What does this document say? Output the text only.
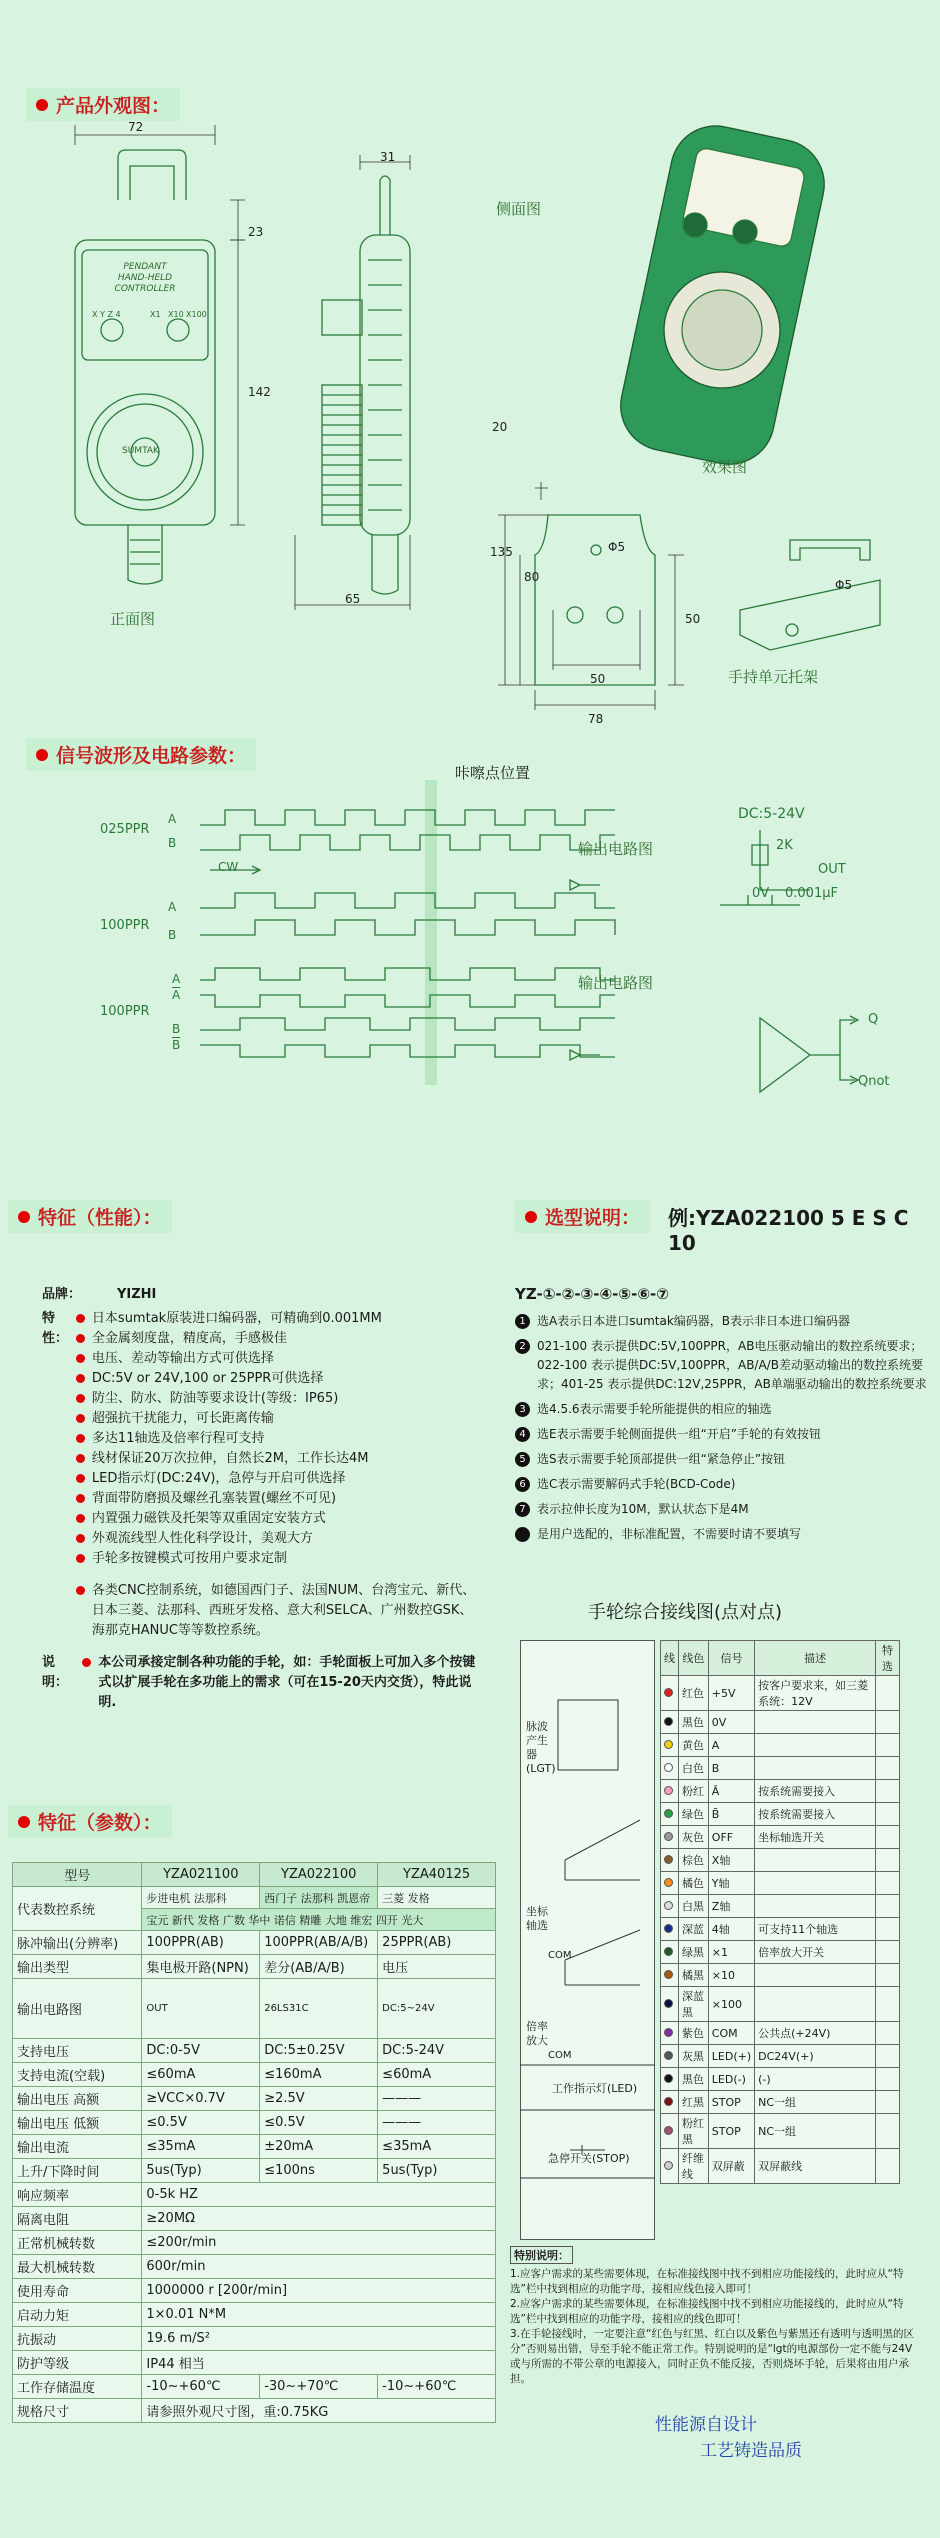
产品外观图：
72
31
23
142
65
20
135
80
Φ5
50
78
50
Φ5
PENDANT
HAND-HELD
CONTROLLER
SUMTAK
X Y Z 4	X1 X10 X100
正面图
侧面图
效果图
手持单元托架
信号波形及电路参数：
咔嚓点位置
025PPR
A
B
CW
100PPR
A
B
100PPR
A
$\overline{A}$
B
$\overline{B}$
输出电路图
输出电路图
DC:5-24V
2K
OUT
0V 0.001μF
Q
Qnot
特征（性能）：	选型说明： 例:YZA022100 5 E S C 10
品牌：	YIZHI
特性：
日本sumtak原装进口编码器，可精确到0.001MM
全金属刻度盘，精度高，手感极佳
电压、差动等输出方式可供选择
DC:5V or 24V,100 or 25PPR可供选择
防尘、防水、防油等要求设计(等级：IP65)
超强抗干扰能力，可长距离传输
多达11轴选及倍率行程可支持
线材保证20万次拉伸，自然长2M，工作长达4M
LED指示灯(DC:24V)，急停与开启可供选择
背面带防磨损及螺丝孔塞装置(螺丝不可见)
内置强力磁铁及托架等双重固定安装方式
外观流线型人性化科学设计，美观大方
手轮多按键模式可按用户要求定制
各类CNC控制系统，如德国西门子、法国NUM、台湾宝元、新代、日本三菱、法那科、西班牙发格、意大利SELCA、广州数控GSK、海那克HANUC等等数控系统。
说明：
本公司承接定制各种功能的手轮，如：手轮面板上可加入多个按键式以扩展手轮在多功能上的需求（可在15-20天内交货），特此说明.
YZ-①-②-③-④-⑤-⑥-⑦
1 选A表示日本进口sumtak编码器，B表示非日本进口编码器
2 021-100 表示提供DC:5V,100PPR，AB电压驱动输出的数控系统要求；022-100 表示提供DC:5V,100PPR，AB/A/B差动驱动输出的数控系统要求；401-25 表示提供DC:12V,25PPR，AB单端驱动输出的数控系统要求
3 选4.5.6表示需要手轮所能提供的相应的轴选
4 选E表示需要手轮侧面提供一组“开启”手轮的有效按钮
5 选S表示需要手轮顶部提供一组“紧急停止”按钮
6 选C表示需要解码式手轮(BCD-Code)
7 表示拉伸长度为10M，默认状态下是4M
是用户选配的，非标准配置，不需要时请不要填写
手轮综合接线图(点对点)
脉波产生器
(LGT)
坐标轴选
倍率放大
工作指示灯(LED)
急停开关(STOP)
COM
COM
线	线色	信号	描述	特选
	红色	+5V	按客户要求来，如三菱系统：12V	
	黑色	0V		
	黄色	A		
	白色	B		
	粉红	Ā	按系统需要接入	
	绿色	B̄	按系统需要接入	
	灰色	OFF	坐标轴选开关	
	棕色	X轴		
	橘色	Y轴		
	白黑	Z轴		
	深蓝	4轴	可支持11个轴选	
	绿黑	×1	倍率放大开关	
	橘黑	×10		
	深蓝黑	×100		
	紫色	COM	公共点(+24V)	
	灰黑	LED(+)	DC24V(+)	
	黑色	LED(-)	(-)	
	红黑	STOP	NC一组	
	粉红黑	STOP	NC一组	
	纤维线	双屏蔽	双屏蔽线	
特别说明：
1.应客户需求的某些需要体现，在标准接线图中找不到相应功能接线的，此时应从“特选”栏中找到相应的功能字母，接相应线色接入即可！
2.应客户需求的某些需要体现，在标准接线图中找不到相应功能接线的，此时应从“特选”栏中找到相应的功能字母，接相应的线色即可！
3.在手轮接线时，一定要注意“红色与红黑、红白以及紫色与紫黑还有透明与透明黑的区分”否则易出错，导至手轮不能正常工作。特别说明的是“lgt的电源部份一定不能与24V或与所需的不带公章的电源接入，同时正负不能反接，否则烧坏手轮，后果将由用户承担。
性能源自设计
工艺铸造品质
特征（参数）：
型号	YZA021100	YZA022100	YZA40125
代表数控系统	步进电机 法那科	西门子 法那科 凯恩帝	三菱 发格
	宝元 新代 发格 广数 华中 诺信 精雕 大地 维宏 四开 光大		
脉冲输出(分辨率)	100PPR(AB)	100PPR(AB/A/B)	25PPR(AB)
输出类型	集电极开路(NPN)	差分(AB/A/B)	电压
输出电路图	OUT	26LS31C	DC:5~24V
支持电压	DC:0-5V	DC:5±0.25V	DC:5-24V
支持电流(空载)	≤60mA	≤160mA	≤60mA
输出电压 高额	≥VCC×0.7V	≥2.5V	———
输出电压 低额	≤0.5V	≤0.5V	———
输出电流	≤35mA	±20mA	≤35mA
上升/下降时间	5us(Typ)	≤100ns	5us(Typ)
响应频率	0-5k HZ		
隔离电阻	≥20MΩ		
正常机械转数	≤200r/min		
最大机械转数	600r/min		
使用寿命	1000000 r [200r/min]		
启动力矩	1×0.01 N*M		
抗振动	19.6 m/S²		
防护等级	IP44 相当		
工作存储温度	-10~+60℃	-30~+70℃	-10~+60℃
规格尺寸	请参照外观尺寸图，重:0.75KG		
